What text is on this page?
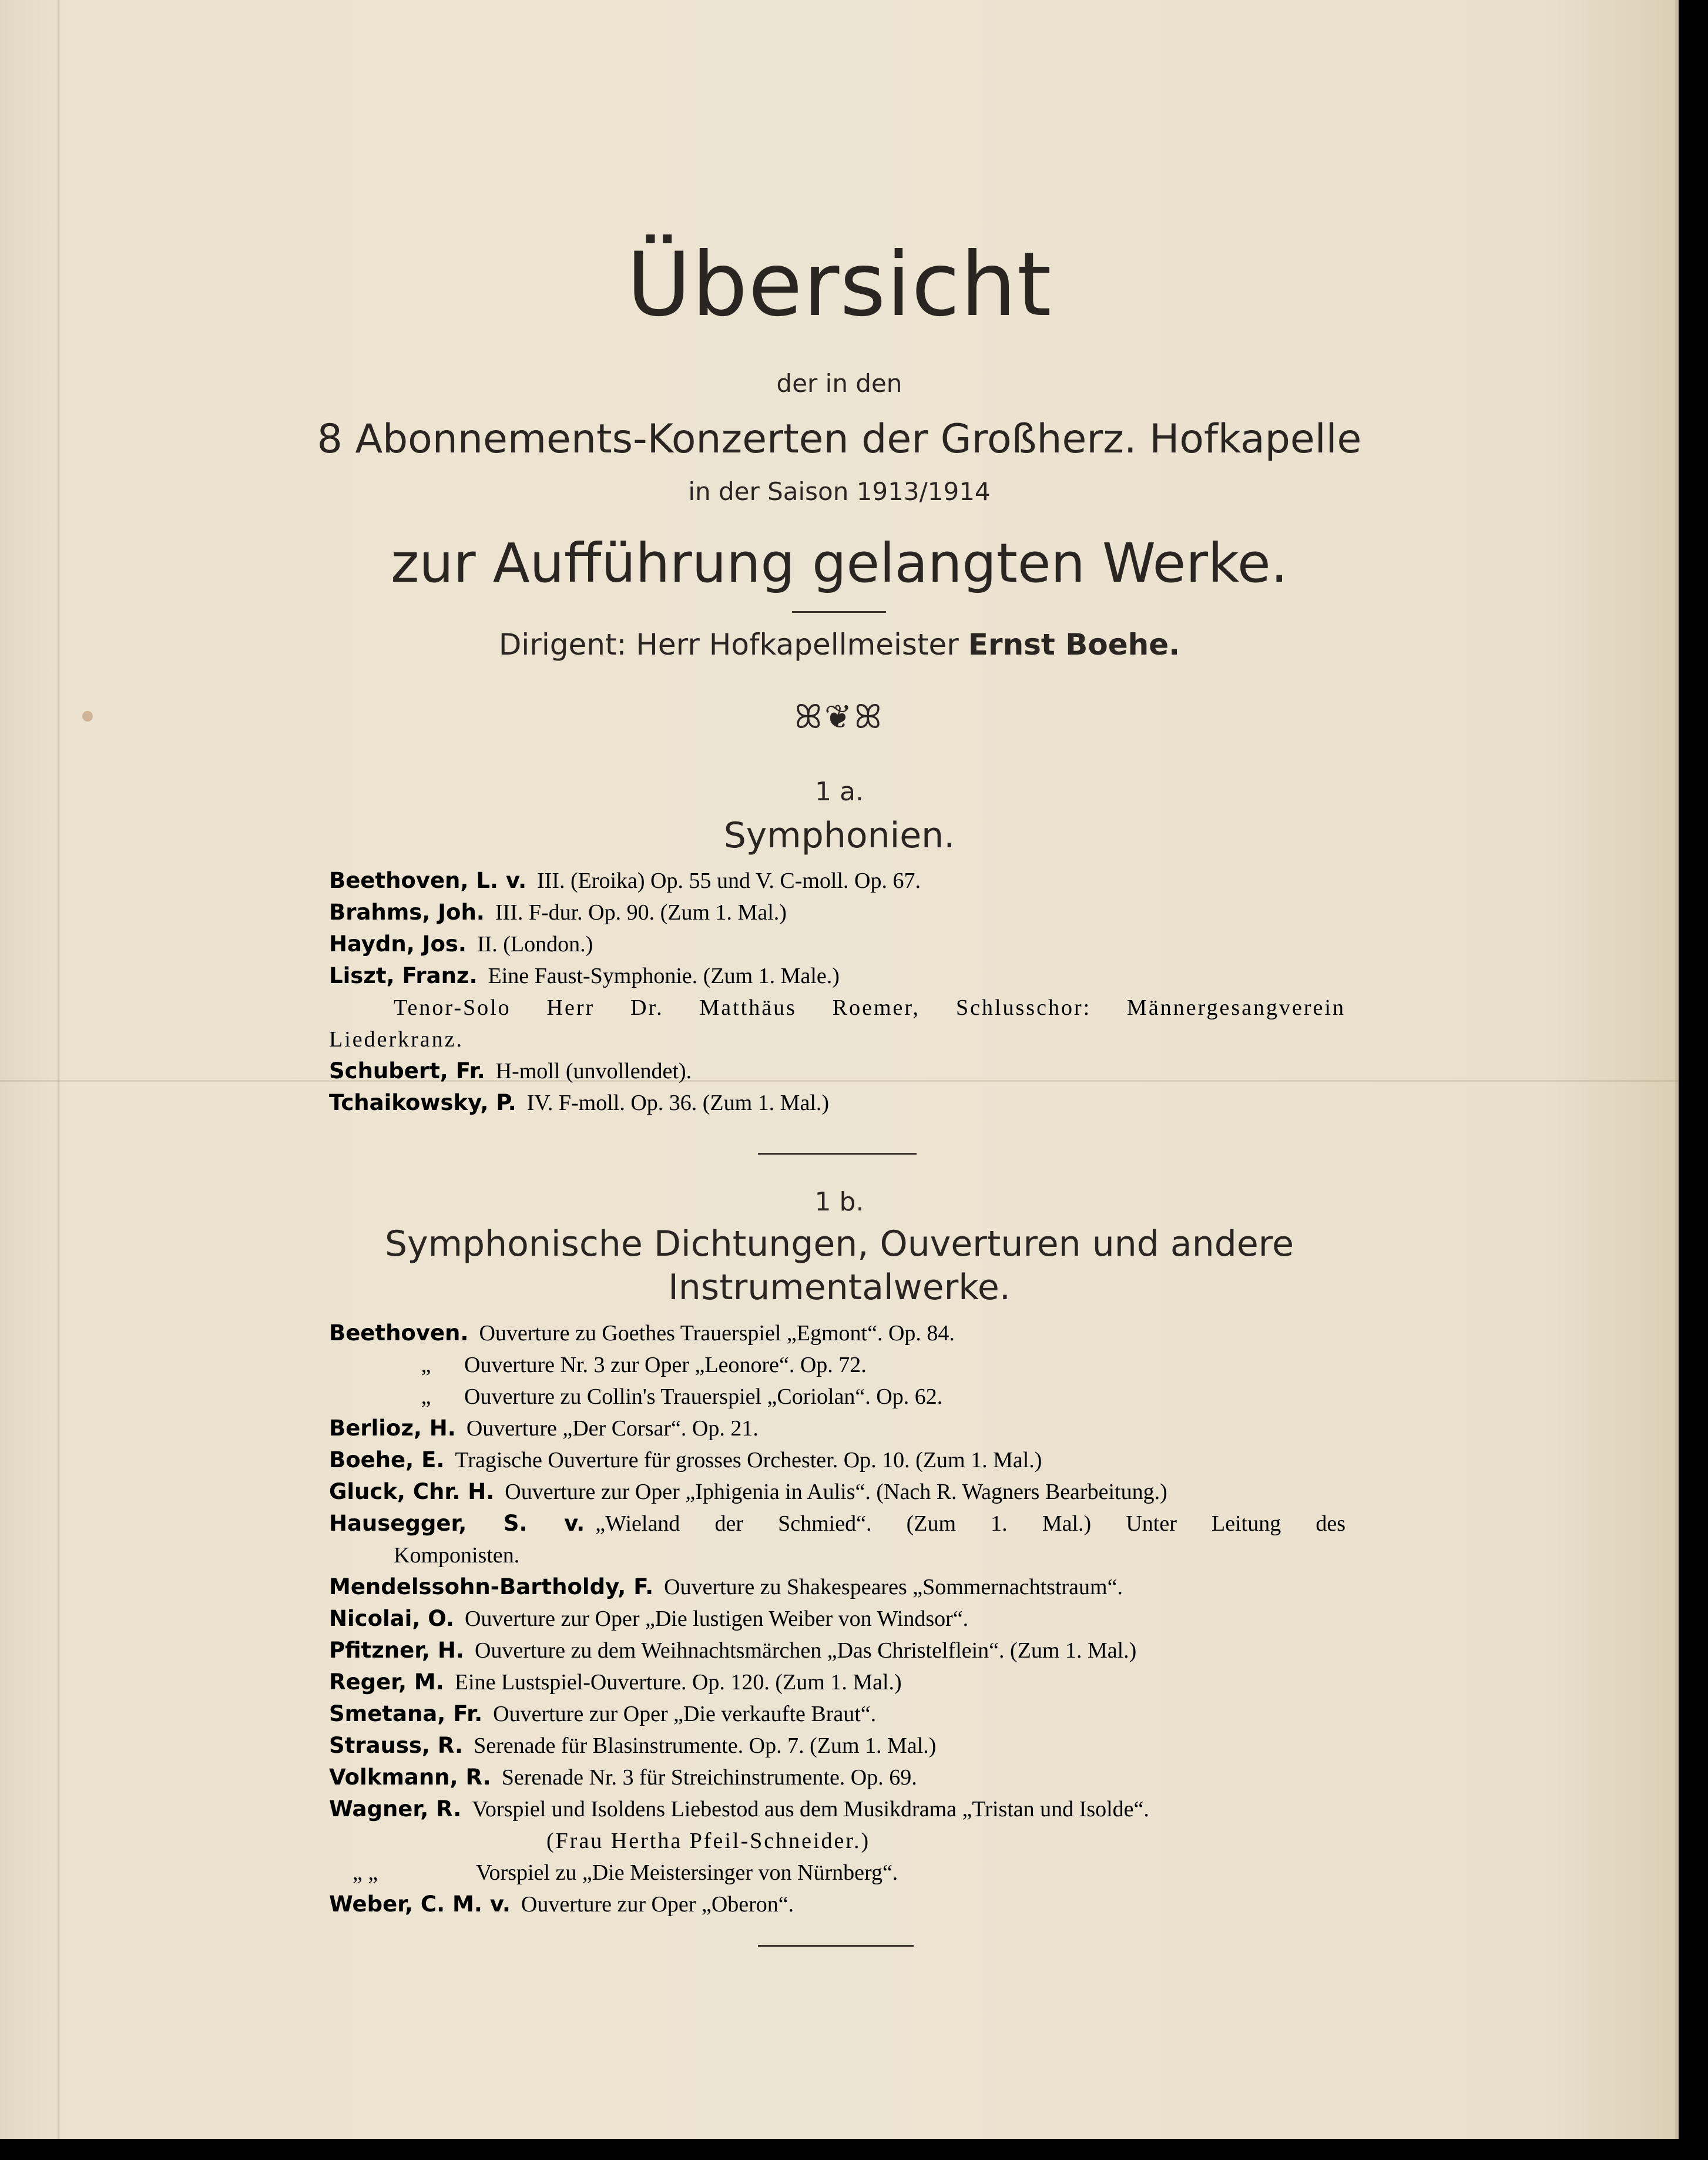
Übersicht
der in den
8 Abonnements-Konzerten der Großherz. Hofkapelle
in der Saison 1913/1914
zur Aufführung gelangten Werke.
Dirigent: Herr Hofkapellmeister Ernst Boehe.
ꕤ❦ꕤ
1 a.
Symphonien.
Beethoven, L. v. III. (Eroika) Op. 55 und V. C-moll. Op. 67.
Brahms, Joh. III. F-dur. Op. 90. (Zum 1. Mal.)
Haydn, Jos. II. (London.)
Liszt, Franz. Eine Faust-Symphonie. (Zum 1. Male.)
Tenor-Solo Herr Dr. Matthäus Roemer, Schlusschor: Männergesangverein
Liederkranz.
Schubert, Fr. H-moll (unvollendet).
Tchaikowsky, P. IV. F-moll. Op. 36. (Zum 1. Mal.)
1 b.
Symphonische Dichtungen, Ouverturen und andere
Instrumentalwerke.
Beethoven. Ouverture zu Goethes Trauerspiel „Egmont“. Op. 84.
„ Ouverture Nr. 3 zur Oper „Leonore“. Op. 72.
„ Ouverture zu Collin's Trauerspiel „Coriolan“. Op. 62.
Berlioz, H. Ouverture „Der Corsar“. Op. 21.
Boehe, E. Tragische Ouverture für grosses Orchester. Op. 10. (Zum 1. Mal.)
Gluck, Chr. H. Ouverture zur Oper „Iphigenia in Aulis“. (Nach R. Wagners Bearbeitung.)
Hausegger, S. v. „Wieland der Schmied“. (Zum 1. Mal.) Unter Leitung des
Komponisten.
Mendelssohn-Bartholdy, F. Ouverture zu Shakespeares „Sommernachtstraum“.
Nicolai, O. Ouverture zur Oper „Die lustigen Weiber von Windsor“.
Pfitzner, H. Ouverture zu dem Weihnachtsmärchen „Das Christelflein“. (Zum 1. Mal.)
Reger, M. Eine Lustspiel-Ouverture. Op. 120. (Zum 1. Mal.)
Smetana, Fr. Ouverture zur Oper „Die verkaufte Braut“.
Strauss, R. Serenade für Blasinstrumente. Op. 7. (Zum 1. Mal.)
Volkmann, R. Serenade Nr. 3 für Streichinstrumente. Op. 69.
Wagner, R. Vorspiel und Isoldens Liebestod aus dem Musikdrama „Tristan und Isolde“.
(Frau Hertha Pfeil-Schneider.)
„ „	Vorspiel zu „Die Meistersinger von Nürnberg“.
Weber, C. M. v. Ouverture zur Oper „Oberon“.
